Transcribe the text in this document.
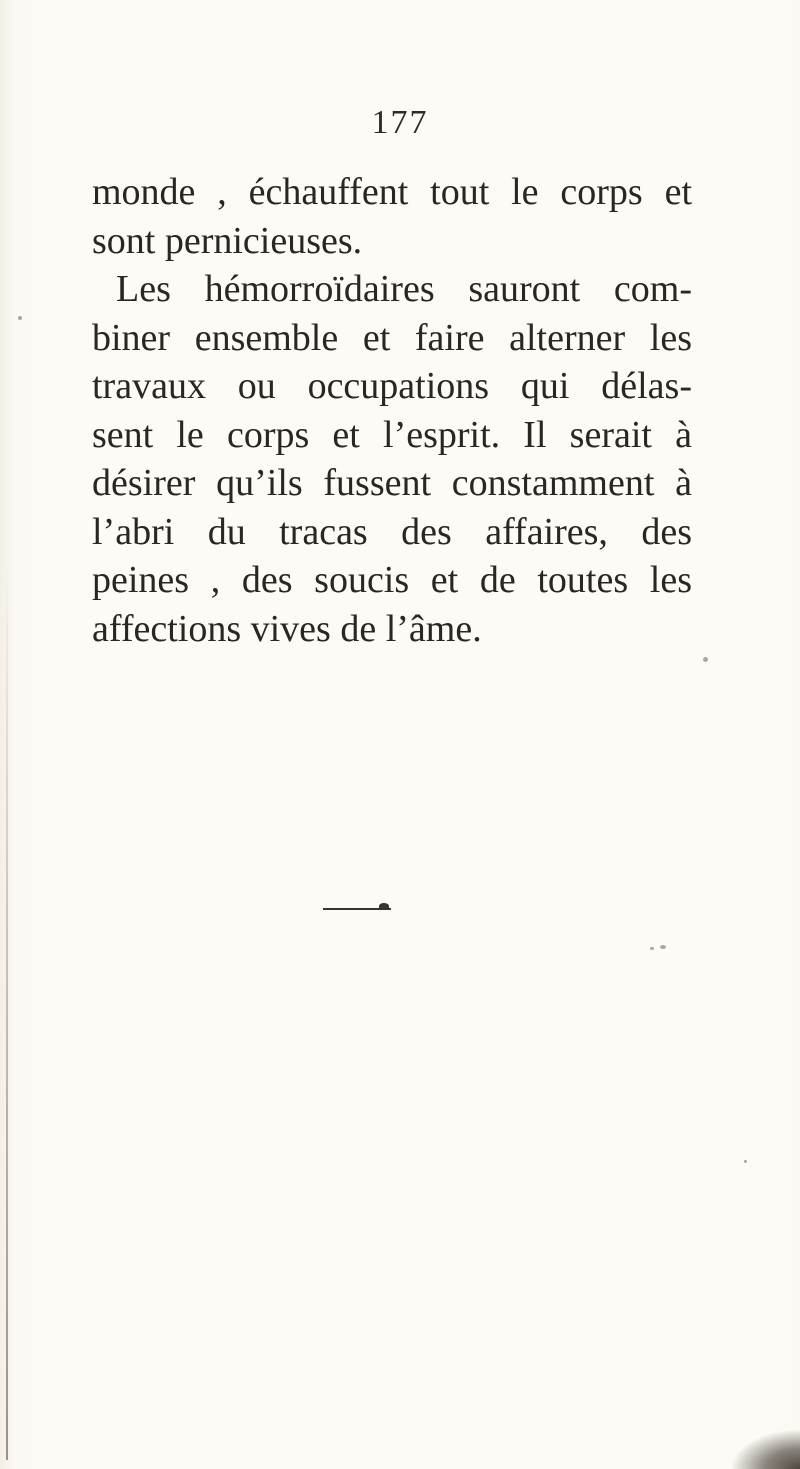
177
monde , échauffent tout le corps et
sont pernicieuses.
Les hémorroïdaires sauront com-
biner ensemble et faire alterner les
travaux ou occupations qui délas-
sent le corps et l’esprit. Il serait à
désirer qu’ils fussent constamment à
l’abri du tracas des affaires, des
peines , des soucis et de toutes les
affections vives de l’âme.
